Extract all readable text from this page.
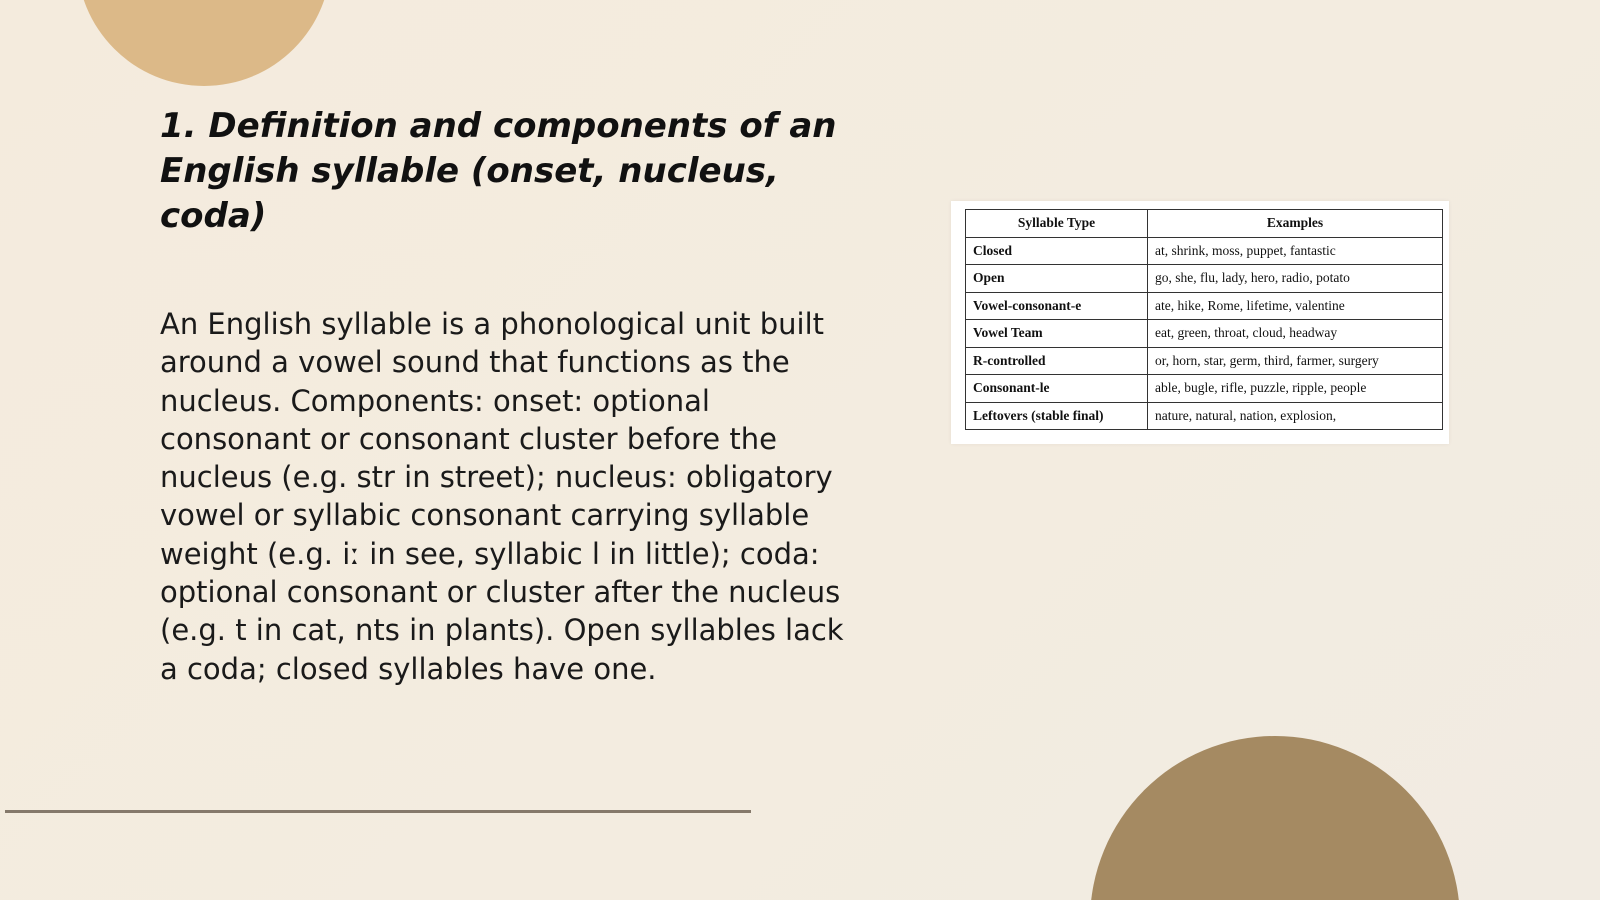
1. Definition and components of an English syllable (onset, nucleus, coda)

An English syllable is a phonological unit built around a vowel sound that functions as the nucleus. Components: onset: optional consonant or consonant cluster before the nucleus (e.g. str in street); nucleus: obligatory vowel or syllabic consonant carrying syllable weight (e.g. iː in see, syllabic l in little); coda: optional consonant or cluster after the nucleus (e.g. t in cat, nts in plants). Open syllables lack a coda; closed syllables have one.

Syllable Type	Examples
Closed	at, shrink, moss, puppet, fantastic
Open	go, she, flu, lady, hero, radio, potato
Vowel-consonant-e	ate, hike, Rome, lifetime, valentine
Vowel Team	eat, green, throat, cloud, headway
R-controlled	or, horn, star, germ, third, farmer, surgery
Consonant-le	able, bugle, rifle, puzzle, ripple, people
Leftovers (stable final)	nature, natural, nation, explosion,
